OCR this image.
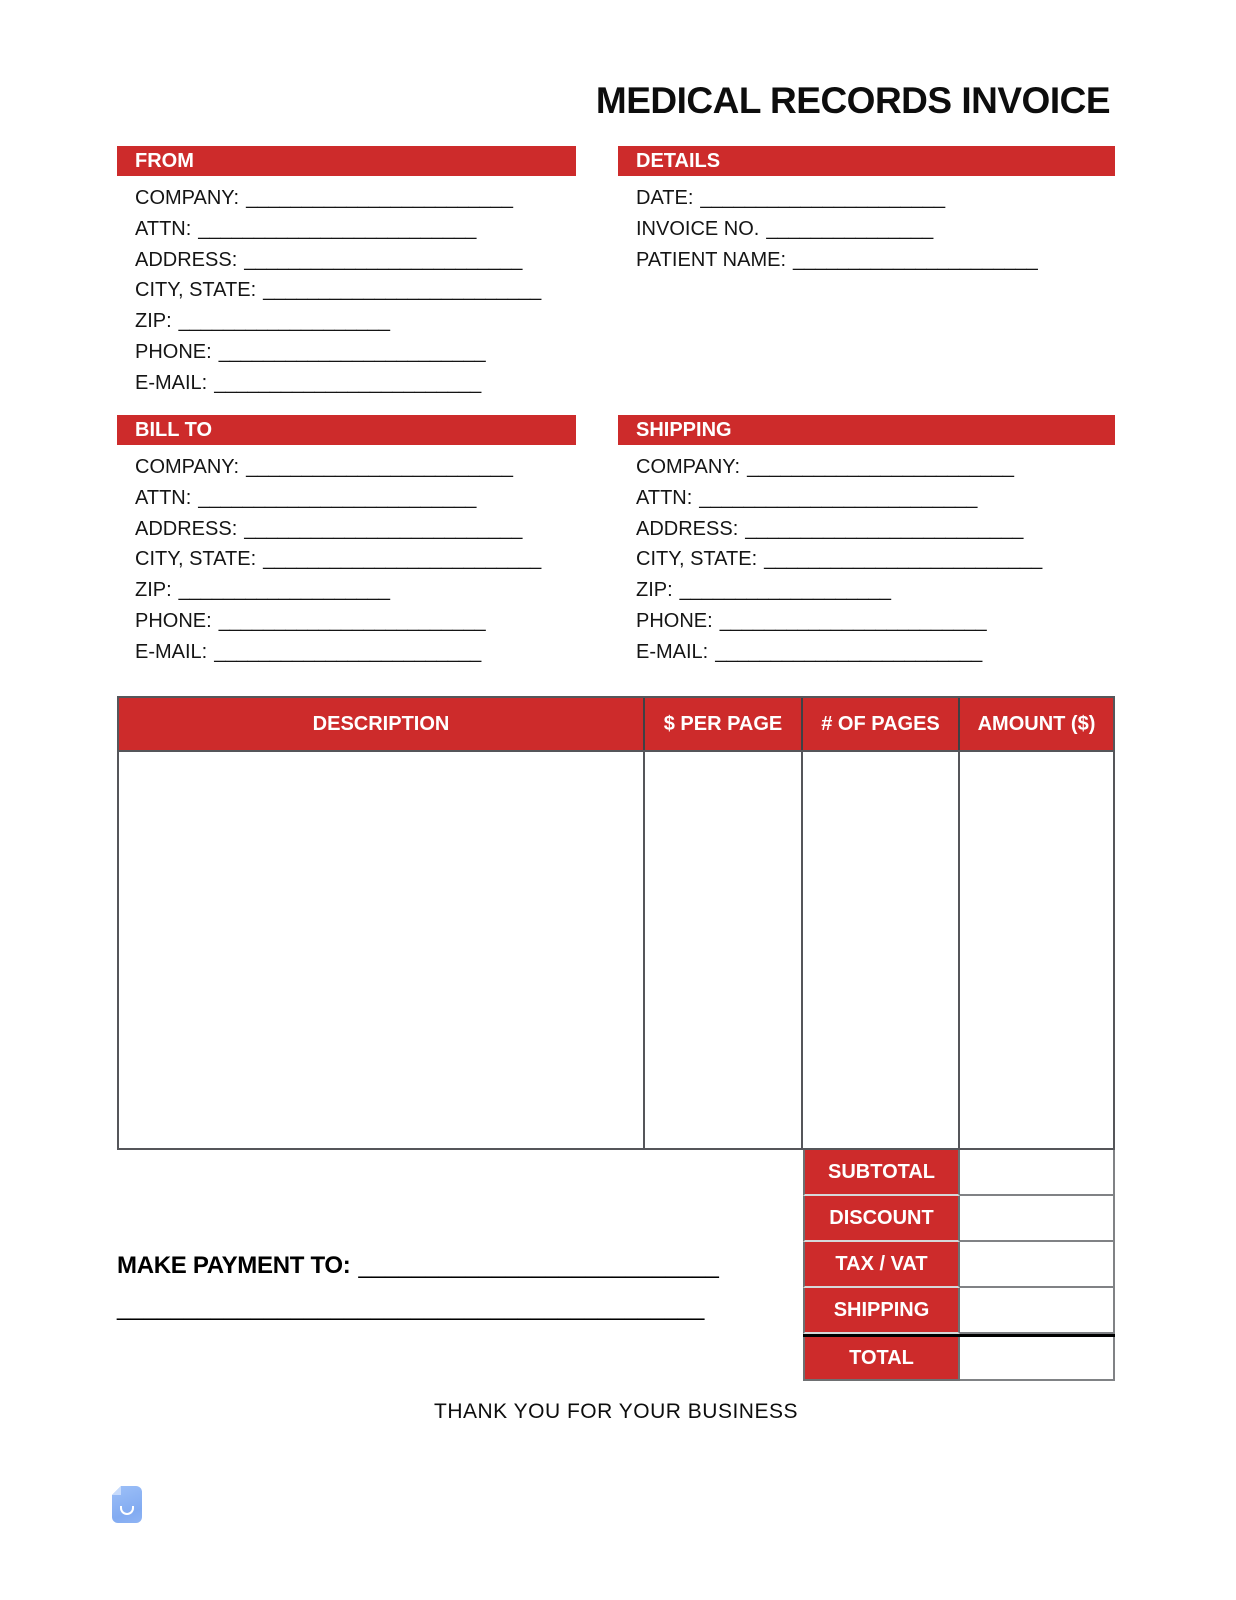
MEDICAL RECORDS INVOICE
FROM
COMPANY: ________________________
ATTN: _________________________
ADDRESS: _________________________
CITY, STATE: _________________________
ZIP: ___________________
PHONE: ________________________
E-MAIL: ________________________
DETAILS
DATE: ______________________
INVOICE NO. _______________
PATIENT NAME: ______________________
BILL TO
COMPANY: ________________________
ATTN: _________________________
ADDRESS: _________________________
CITY, STATE: _________________________
ZIP: ___________________
PHONE: ________________________
E-MAIL: ________________________
SHIPPING
COMPANY: ________________________
ATTN: _________________________
ADDRESS: _________________________
CITY, STATE: _________________________
ZIP: ___________________
PHONE: ________________________
E-MAIL: ________________________
DESCRIPTION	$ PER PAGE	# OF PAGES	AMOUNT ($)
SUBTOTAL
DISCOUNT
TAX / VAT
SHIPPING
TOTAL
MAKE PAYMENT TO: ___________________________
____________________________________________
THANK YOU FOR YOUR BUSINESS
